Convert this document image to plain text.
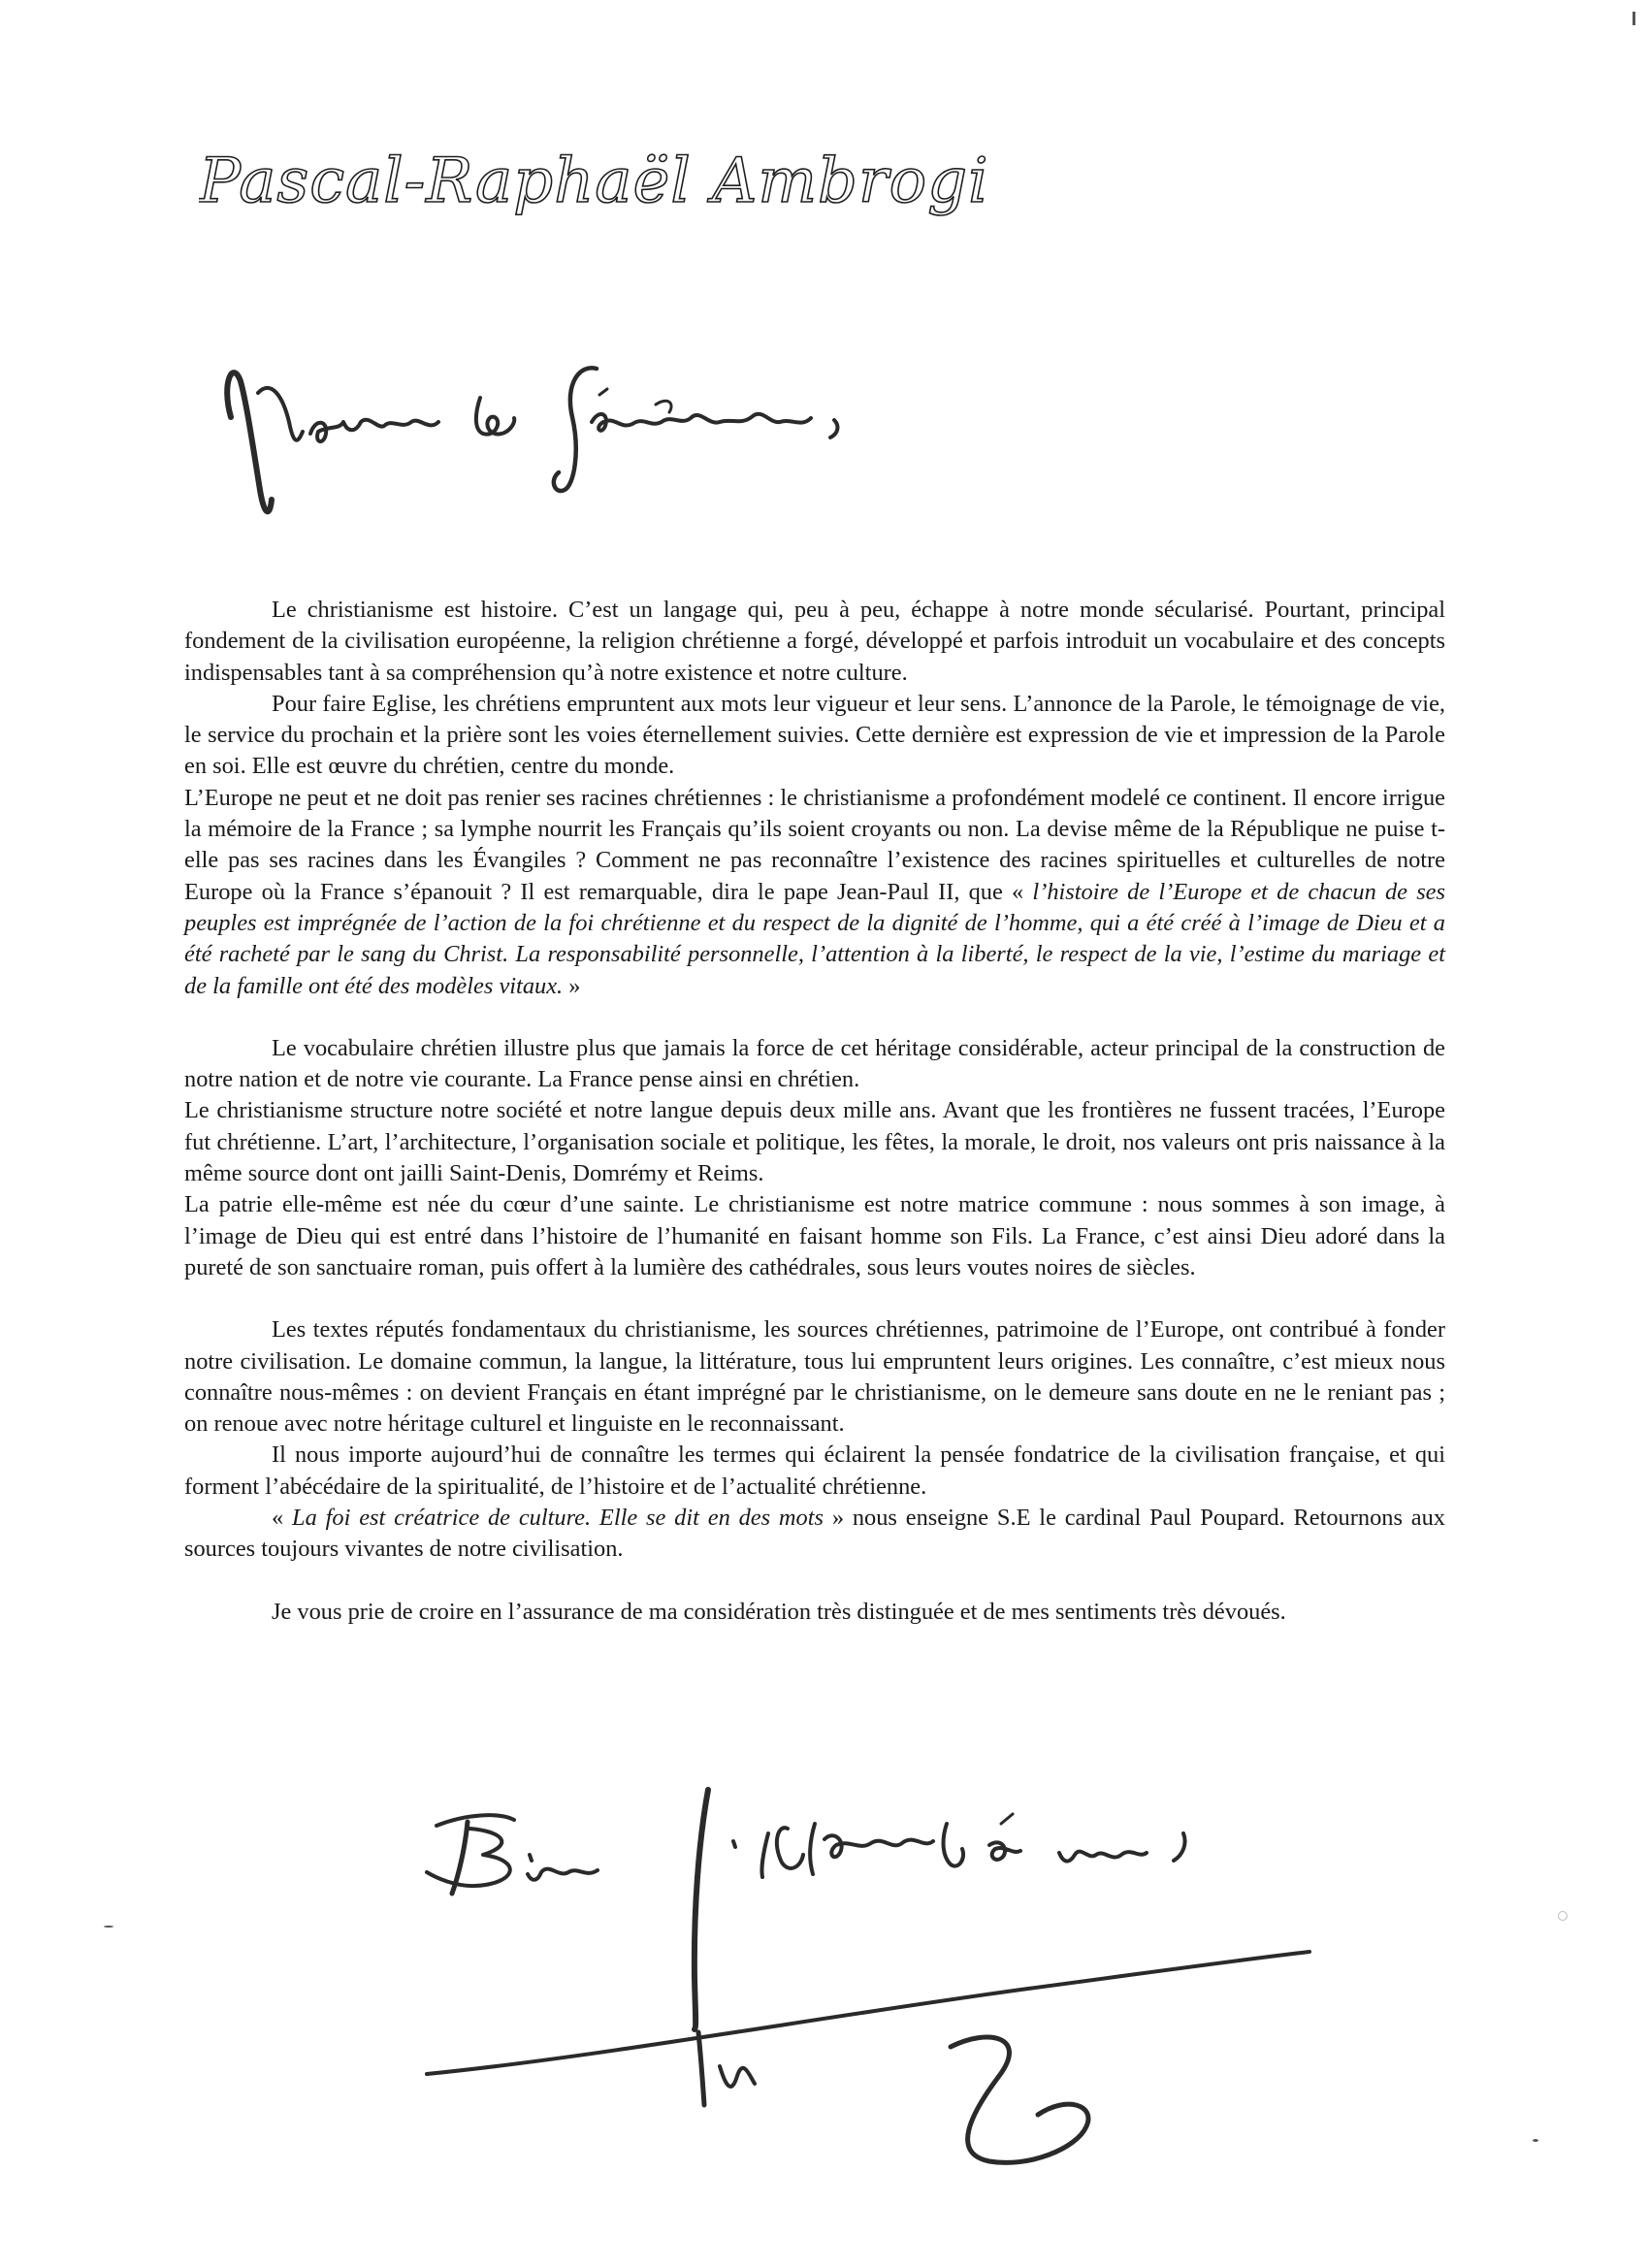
Pascal-Raphaël Ambrogi

Le christianisme est histoire. C’est un langage qui, peu à peu, échappe à notre monde sécularisé. Pourtant, principal fondement de la civilisation européenne, la religion chrétienne a forgé, développé et parfois introduit un vocabulaire et des concepts indispensables tant à sa compréhension qu’à notre existence et notre culture.

Pour faire Eglise, les chrétiens empruntent aux mots leur vigueur et leur sens. L’annonce de la Parole, le témoignage de vie, le service du prochain et la prière sont les voies éternellement suivies. Cette dernière est expression de vie et impression de la Parole en soi. Elle est œuvre du chrétien, centre du monde.

L’Europe ne peut et ne doit pas renier ses racines chrétiennes : le christianisme a profondément modelé ce continent. Il encore irrigue la mémoire de la France ; sa lymphe nourrit les Français qu’ils soient croyants ou non. La devise même de la République ne puise t-elle pas ses racines dans les Évangiles ? Comment ne pas reconnaître l’existence des racines spirituelles et culturelles de notre Europe où la France s’épanouit ? Il est remarquable, dira le pape Jean-Paul II, que « l’histoire de l’Europe et de chacun de ses peuples est imprégnée de l’action de la foi chrétienne et du respect de la dignité de l’homme, qui a été créé à l’image de Dieu et a été racheté par le sang du Christ. La responsabilité personnelle, l’attention à la liberté, le respect de la vie, l’estime du mariage et de la famille ont été des modèles vitaux. »

Le vocabulaire chrétien illustre plus que jamais la force de cet héritage considérable, acteur principal de la construction de notre nation et de notre vie courante. La France pense ainsi en chrétien.

Le christianisme structure notre société et notre langue depuis deux mille ans. Avant que les frontières ne fussent tracées, l’Europe fut chrétienne. L’art, l’architecture, l’organisation sociale et politique, les fêtes, la morale, le droit, nos valeurs ont pris naissance à la même source dont ont jailli Saint-Denis, Domrémy et Reims.

La patrie elle-même est née du cœur d’une sainte. Le christianisme est notre matrice commune : nous sommes à son image, à l’image de Dieu qui est entré dans l’histoire de l’humanité en faisant homme son Fils. La France, c’est ainsi Dieu adoré dans la pureté de son sanctuaire roman, puis offert à la lumière des cathédrales, sous leurs voutes noires de siècles.

Les textes réputés fondamentaux du christianisme, les sources chrétiennes, patrimoine de l’Europe, ont contribué à fonder notre civilisation. Le domaine commun, la langue, la littérature, tous lui empruntent leurs origines. Les connaître, c’est mieux nous connaître nous-mêmes : on devient Français en étant imprégné par le christianisme, on le demeure sans doute en ne le reniant pas ; on renoue avec notre héritage culturel et linguiste en le reconnaissant.

Il nous importe aujourd’hui de connaître les termes qui éclairent la pensée fondatrice de la civilisation française, et qui forment l’abécédaire de la spiritualité, de l’histoire et de l’actualité chrétienne.

« La foi est créatrice de culture. Elle se dit en des mots » nous enseigne S.E le cardinal Paul Poupard. Retournons aux sources toujours vivantes de notre civilisation.

Je vous prie de croire en l’assurance de ma considération très distinguée et de mes sentiments très dévoués.
